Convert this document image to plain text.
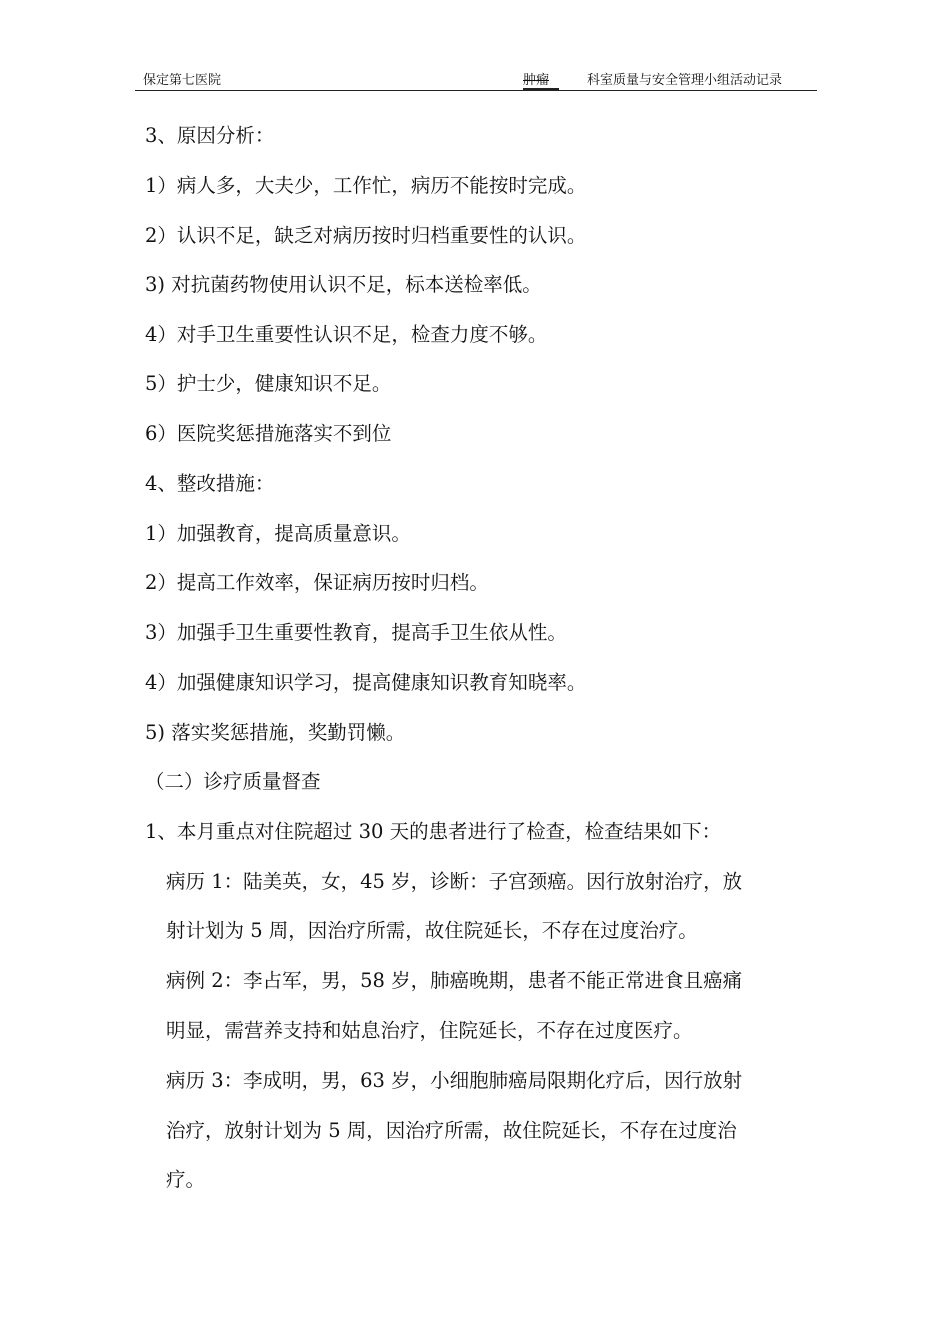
保定第七医院	肿瘤	科室质量与安全管理小组活动记录
3、原因分析：
1）病人多，大夫少，工作忙，病历不能按时完成。
2）认识不足，缺乏对病历按时归档重要性的认识。
3) 对抗菌药物使用认识不足，标本送检率低。
4）对手卫生重要性认识不足，检查力度不够。
5）护士少，健康知识不足。
6）医院奖惩措施落实不到位
4、整改措施：
1）加强教育，提高质量意识。
2）提高工作效率，保证病历按时归档。
3）加强手卫生重要性教育，提高手卫生依从性。
4）加强健康知识学习，提高健康知识教育知晓率。
5) 落实奖惩措施，奖勤罚懒。
（二）诊疗质量督查
1、本月重点对住院超过 30 天的患者进行了检查，检查结果如下：
病历 1：陆美英，女，45 岁，诊断：子宫颈癌。因行放射治疗，放
射计划为 5 周，因治疗所需，故住院延长，不存在过度治疗。
病例 2：李占军，男，58 岁，肺癌晚期，患者不能正常进食且癌痛
明显，需营养支持和姑息治疗，住院延长，不存在过度医疗。
病历 3：李成明，男，63 岁，小细胞肺癌局限期化疗后，因行放射
治疗，放射计划为 5 周，因治疗所需，故住院延长，不存在过度治
疗。
